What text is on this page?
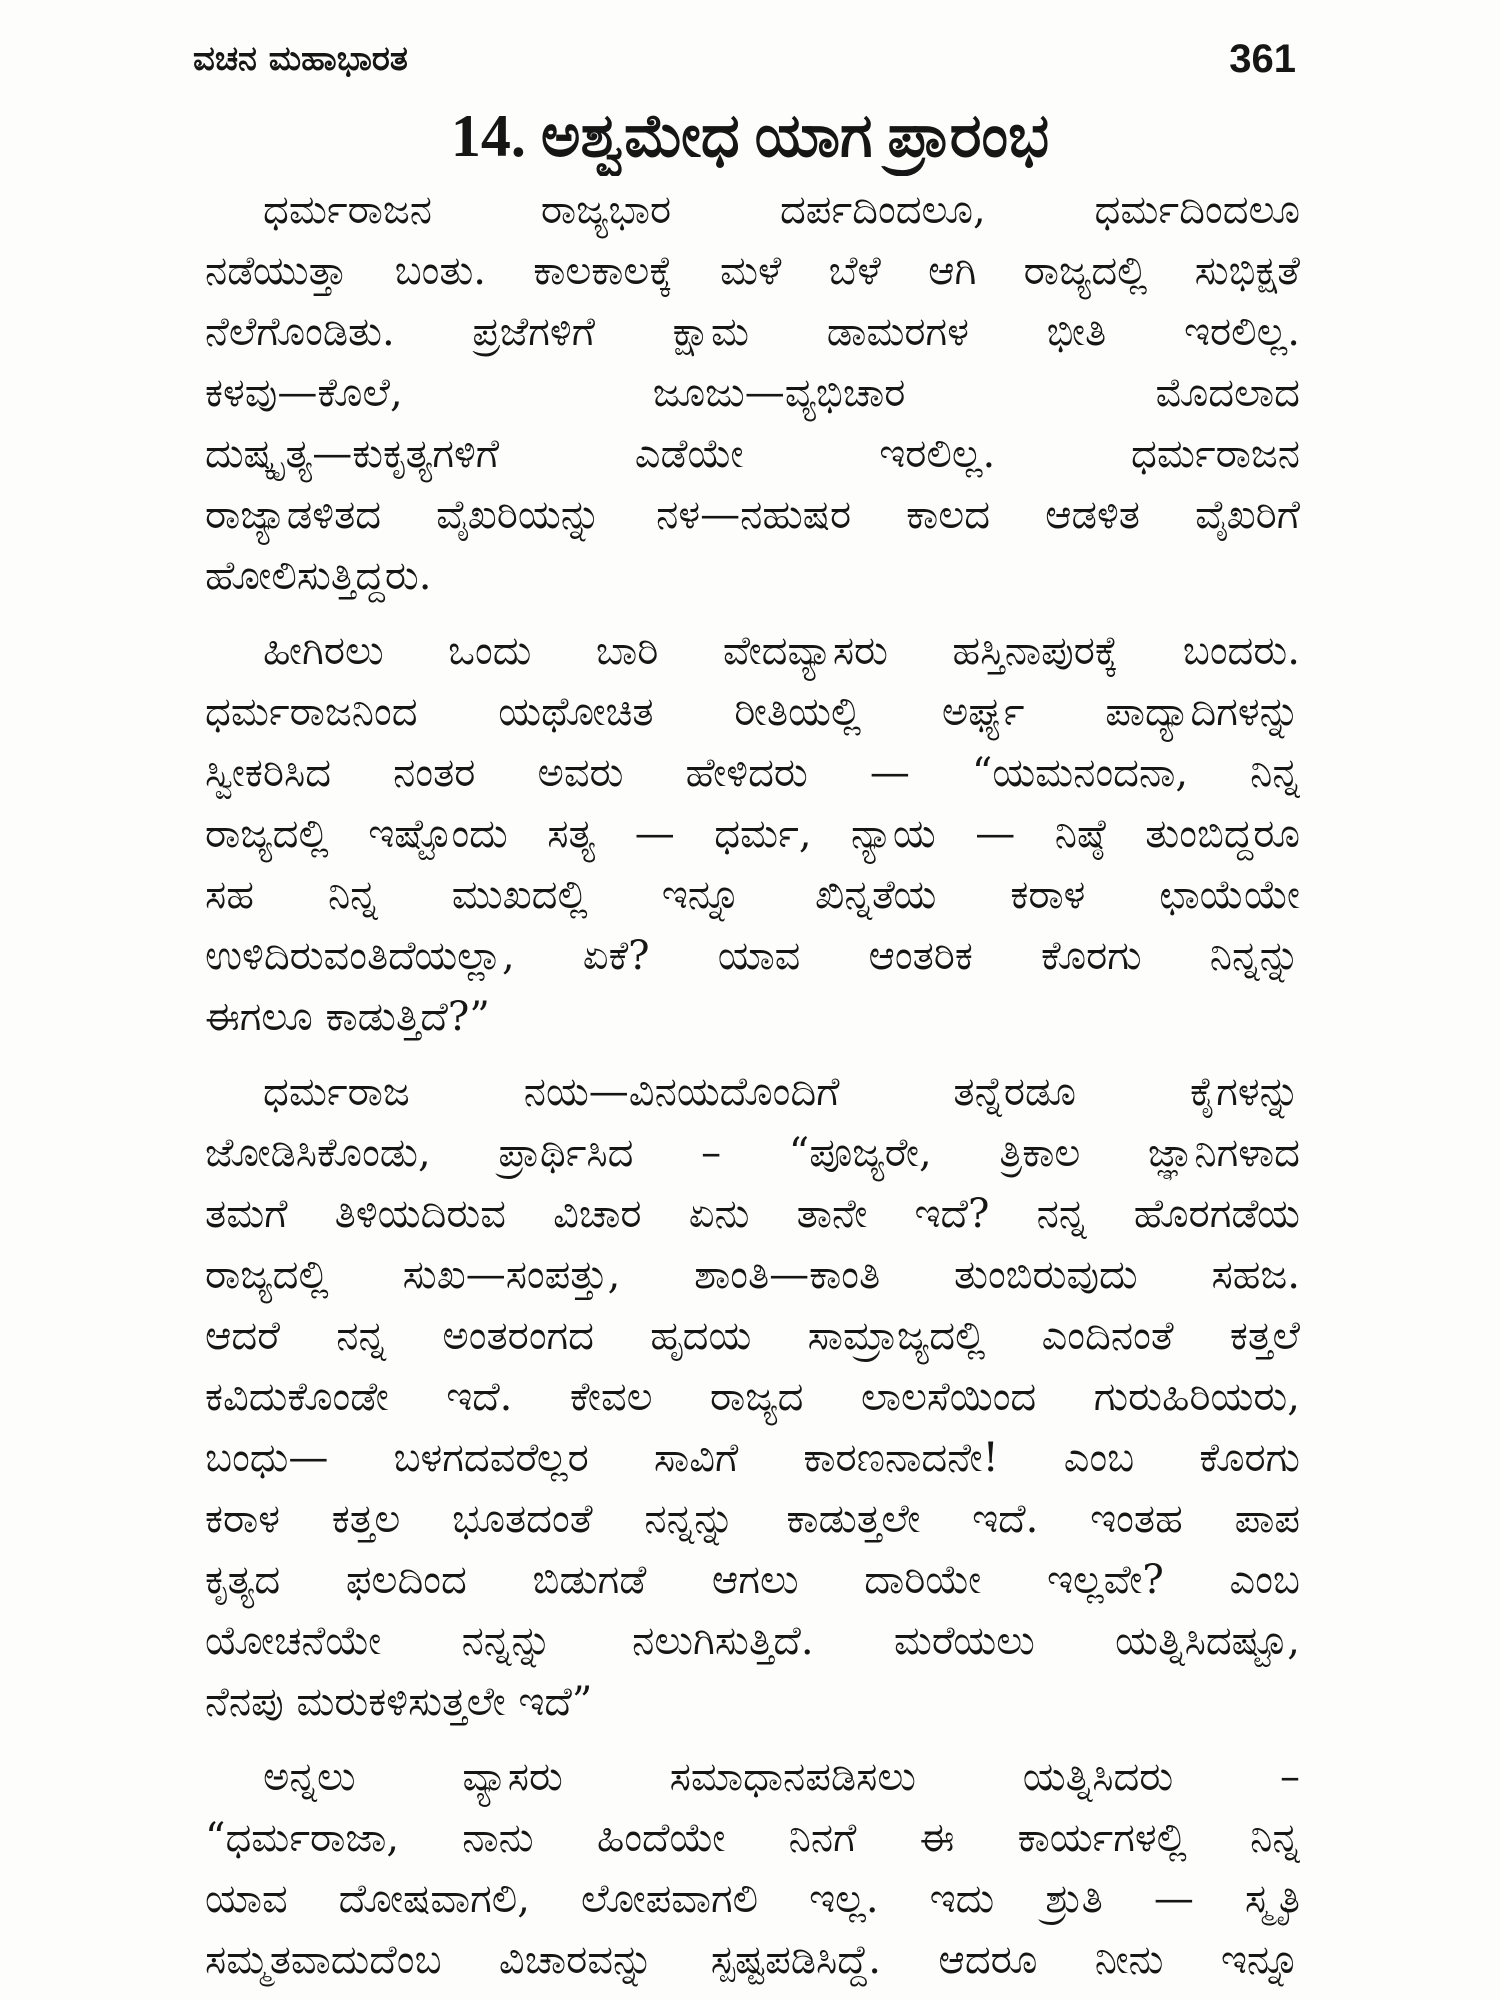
ವಚನ ಮಹಾಭಾರತ	361
14. ಅಶ್ವಮೇಧ ಯಾಗ ಪ್ರಾರಂಭ
ಧರ್ಮರಾಜನ ರಾಜ್ಯಭಾರ ದರ್ಪದಿಂದಲೂ, ಧರ್ಮದಿಂದಲೂ
ನಡೆಯುತ್ತಾ ಬಂತು. ಕಾಲಕಾಲಕ್ಕೆ ಮಳೆ ಬೆಳೆ ಆಗಿ ರಾಜ್ಯದಲ್ಲಿ ಸುಭಿಕ್ಷತೆ
ನೆಲೆಗೊಂಡಿತು. ಪ್ರಜೆಗಳಿಗೆ ಕ್ಷಾಮ ಡಾಮರಗಳ ಭೀತಿ ಇರಲಿಲ್ಲ.
ಕಳವು—ಕೊಲೆ, ಜೂಜು—ವ್ಯಭಿಚಾರ ಮೊದಲಾದ
ದುಷ್ಕೃತ್ಯ—ಕುಕೃತ್ಯಗಳಿಗೆ ಎಡೆಯೇ ಇರಲಿಲ್ಲ. ಧರ್ಮರಾಜನ
ರಾಜ್ಯಾಡಳಿತದ ವೈಖರಿಯನ್ನು ನಳ—ನಹುಷರ ಕಾಲದ ಆಡಳಿತ ವೈಖರಿಗೆ
ಹೋಲಿಸುತ್ತಿದ್ದರು.
ಹೀಗಿರಲು ಒಂದು ಬಾರಿ ವೇದವ್ಯಾಸರು ಹಸ್ತಿನಾಪುರಕ್ಕೆ ಬಂದರು.
ಧರ್ಮರಾಜನಿಂದ ಯಥೋಚಿತ ರೀತಿಯಲ್ಲಿ ಅರ್ಘ್ಯ ಪಾದ್ಯಾದಿಗಳನ್ನು
ಸ್ವೀಕರಿಸಿದ ನಂತರ ಅವರು ಹೇಳಿದರು — “ಯಮನಂದನಾ, ನಿನ್ನ
ರಾಜ್ಯದಲ್ಲಿ ಇಷ್ಟೊಂದು ಸತ್ಯ — ಧರ್ಮ, ನ್ಯಾಯ — ನಿಷ್ಠೆ ತುಂಬಿದ್ದರೂ
ಸಹ ನಿನ್ನ ಮುಖದಲ್ಲಿ ಇನ್ನೂ ಖಿನ್ನತೆಯ ಕರಾಳ ಛಾಯೆಯೇ
ಉಳಿದಿರುವಂತಿದೆಯಲ್ಲಾ, ಏಕೆ? ಯಾವ ಆಂತರಿಕ ಕೊರಗು ನಿನ್ನನ್ನು
ಈಗಲೂ ಕಾಡುತ್ತಿದೆ?”
ಧರ್ಮರಾಜ ನಯ—ವಿನಯದೊಂದಿಗೆ ತನ್ನೆರಡೂ ಕೈಗಳನ್ನು
ಜೋಡಿಸಿಕೊಂಡು, ಪ್ರಾರ್ಥಿಸಿದ – “ಪೂಜ್ಯರೇ, ತ್ರಿಕಾಲ ಜ್ಞಾನಿಗಳಾದ
ತಮಗೆ ತಿಳಿಯದಿರುವ ವಿಚಾರ ಏನು ತಾನೇ ಇದೆ? ನನ್ನ ಹೊರಗಡೆಯ
ರಾಜ್ಯದಲ್ಲಿ ಸುಖ—ಸಂಪತ್ತು, ಶಾಂತಿ—ಕಾಂತಿ ತುಂಬಿರುವುದು ಸಹಜ.
ಆದರೆ ನನ್ನ ಅಂತರಂಗದ ಹೃದಯ ಸಾಮ್ರಾಜ್ಯದಲ್ಲಿ ಎಂದಿನಂತೆ ಕತ್ತಲೆ
ಕವಿದುಕೊಂಡೇ ಇದೆ. ಕೇವಲ ರಾಜ್ಯದ ಲಾಲಸೆಯಿಂದ ಗುರುಹಿರಿಯರು,
ಬಂಧು— ಬಳಗದವರೆಲ್ಲರ ಸಾವಿಗೆ ಕಾರಣನಾದನೇ! ಎಂಬ ಕೊರಗು
ಕರಾಳ ಕತ್ತಲ ಭೂತದಂತೆ ನನ್ನನ್ನು ಕಾಡುತ್ತಲೇ ಇದೆ. ಇಂತಹ ಪಾಪ
ಕೃತ್ಯದ ಫಲದಿಂದ ಬಿಡುಗಡೆ ಆಗಲು ದಾರಿಯೇ ಇಲ್ಲವೇ? ಎಂಬ
ಯೋಚನೆಯೇ ನನ್ನನ್ನು ನಲುಗಿಸುತ್ತಿದೆ. ಮರೆಯಲು ಯತ್ನಿಸಿದಷ್ಟೂ,
ನೆನಪು ಮರುಕಳಿಸುತ್ತಲೇ ಇದೆ”
ಅನ್ನಲು ವ್ಯಾಸರು ಸಮಾಧಾನಪಡಿಸಲು ಯತ್ನಿಸಿದರು –
“ಧರ್ಮರಾಜಾ, ನಾನು ಹಿಂದೆಯೇ ನಿನಗೆ ಈ ಕಾರ್ಯಗಳಲ್ಲಿ ನಿನ್ನ
ಯಾವ ದೋಷವಾಗಲಿ, ಲೋಪವಾಗಲಿ ಇಲ್ಲ. ಇದು ಶ್ರುತಿ — ಸ್ಮೃತಿ
ಸಮ್ಮತವಾದುದೆಂಬ ವಿಚಾರವನ್ನು ಸ್ಪಷ್ಟಪಡಿಸಿದ್ದೆ. ಆದರೂ ನೀನು ಇನ್ನೂ
